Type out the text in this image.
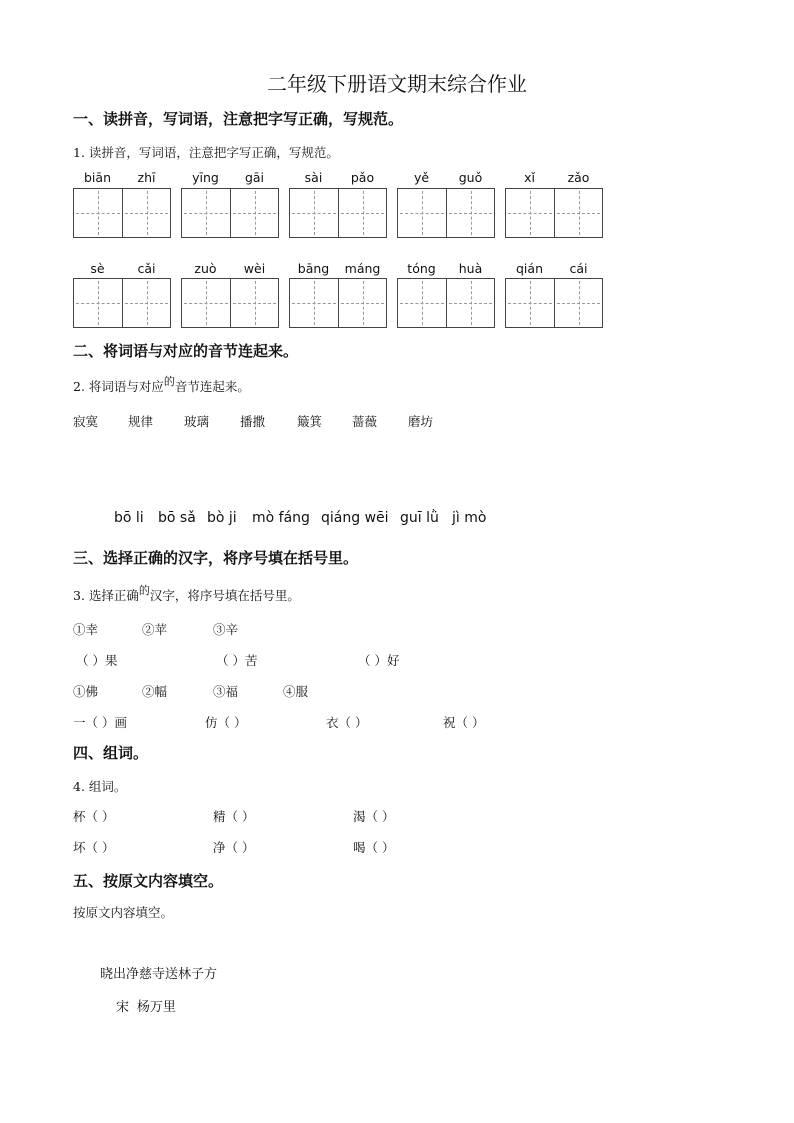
二年级下册语文期末综合作业
一、读拼音，写词语，注意把字写正确，写规范。
1. 读拼音，写词语，注意把字写正确，写规范。
biān	zhī	yīng	gāi	sài	pǎo	yě	guǒ	xǐ	zǎo
sè	cǎi	zuò	wèi	bāng	máng	tóng	huà	qián	cái
二、将词语与对应的音节连起来。
2. 将词语与对应的音节连起来。
寂寞 规律 玻璃 播撒	簸箕 蔷薇 磨坊
bō li bō sǎ bò ji mò fáng qiáng wēi guī lǜ jì mò
三、选择正确的汉字，将序号填在括号里。
3. 选择正确的汉字，将序号填在括号里。
①幸	②苹	③辛
（ ）果	（ ）苦	（ ）好
①佛	②幅	③福	④服
一（ ）画	仿（ ）	衣（ ）	祝（ ）
四、组词。
4. 组词。
杯（ ）	精（ ）	渴（ ）
坏（ ）	净（ ）	喝（ ）
五、按原文内容填空。
按原文内容填空。
晓出净慈寺送林子方
宋 杨万里
